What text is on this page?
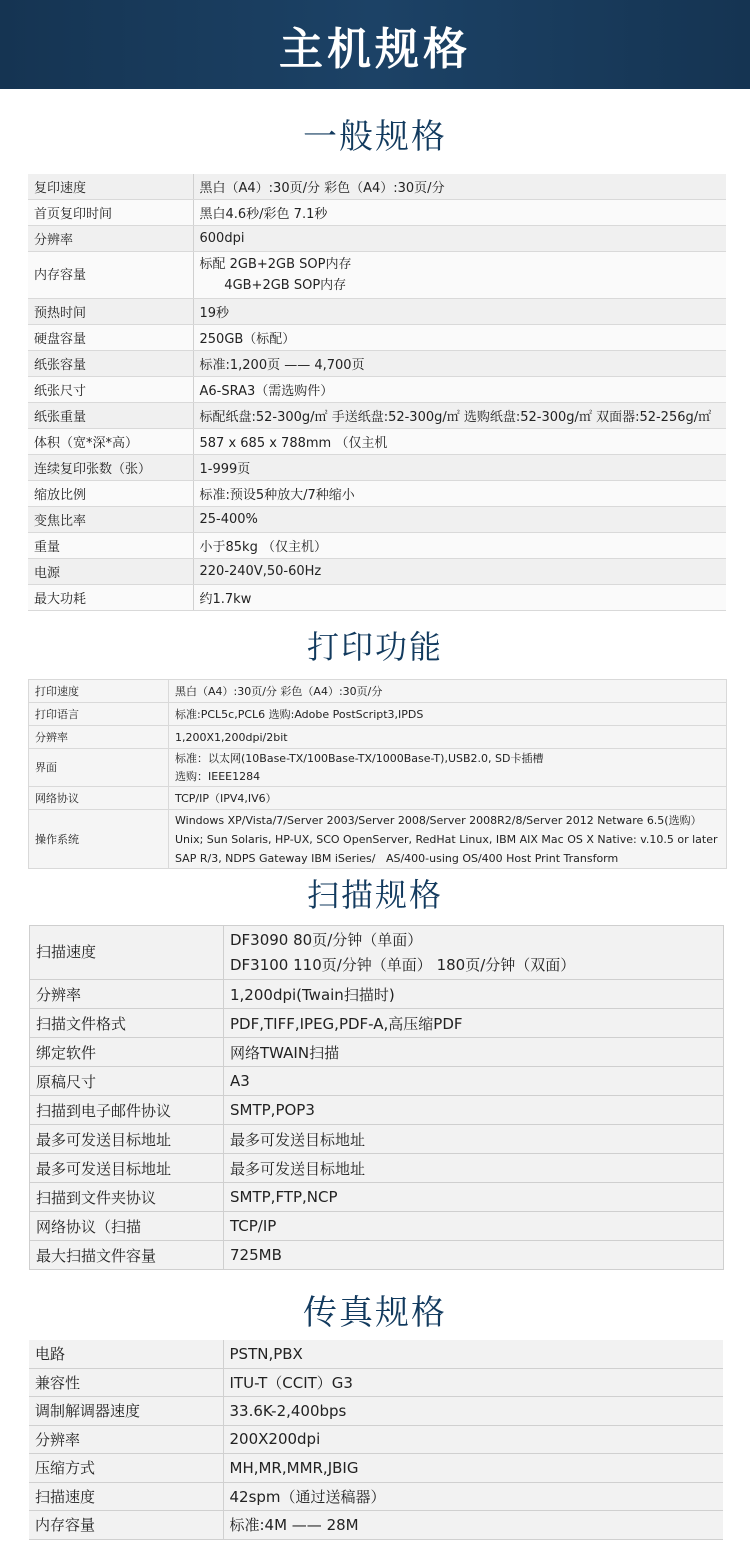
主机规格
一般规格
复印速度	黑白（A4）:30页/分 彩色（A4）:30页/分

首页复印时间	黑白4.6秒/彩色 7.1秒

分辨率	600dpi

内存容量	标配 2GB+2GB SOP内存
4GB+2GB SOP内存

预热时间	19秒

硬盘容量	250GB（标配）

纸张容量	标准:1,200页 —— 4,700页

纸张尺寸	A6-SRA3（需选购件）

纸张重量	标配纸盘:52-300g/㎡ 手送纸盘:52-300g/㎡ 选购纸盘:52-300g/㎡ 双面器:52-256g/㎡

体积（宽*深*高）	587 x 685 x 788mm （仅主机

连续复印张数（张）	1-999页

缩放比例	标准:预设5种放大/7种缩小

变焦比率	25-400%

重量	小于85kg （仅主机）

电源	220-240V,50-60Hz

最大功耗	约1.7kw
打印功能
打印速度	黑白（A4）:30页/分 彩色（A4）:30页/分

打印语言	标准:PCL5c,PCL6 选购:Adobe PostScript3,IPDS

分辨率	1,200X1,200dpi/2bit

界面	标准：以太网(10Base-TX/100Base-TX/1000Base-T),USB2.0, SD卡插槽
选购：IEEE1284

网络协议	TCP/IP（IPV4,IV6）

操作系统	Windows XP/Vista/7/Server 2003/Server 2008/Server 2008R2/8/Server 2012 Netware 6.5(选购）
Unix; Sun Solaris, HP-UX, SCO OpenServer, RedHat Linux, IBM AIX Mac OS X Native: v.10.5 or later
SAP R/3, NDPS Gateway IBM iSeries/   AS/400-using OS/400 Host Print Transform
扫描规格
扫描速度	DF3090 80页/分钟（单面）
DF3100 110页/分钟（单面） 180页/分钟（双面）

分辨率	1,200dpi(Twain扫描时)

扫描文件格式	PDF,TIFF,IPEG,PDF-A,高压缩PDF

绑定软件	网络TWAIN扫描

原稿尺寸	A3

扫描到电子邮件协议	SMTP,POP3

最多可发送目标地址	最多可发送目标地址

最多可发送目标地址	最多可发送目标地址

扫描到文件夹协议	SMTP,FTP,NCP

网络协议（扫描	TCP/IP

最大扫描文件容量	725MB
传真规格
电路	PSTN,PBX

兼容性	ITU-T（CCIT）G3

调制解调器速度	33.6K-2,400bps

分辨率	200X200dpi

压缩方式	MH,MR,MMR,JBIG

扫描速度	42spm（通过送稿器）

内存容量	标准:4M —— 28M
